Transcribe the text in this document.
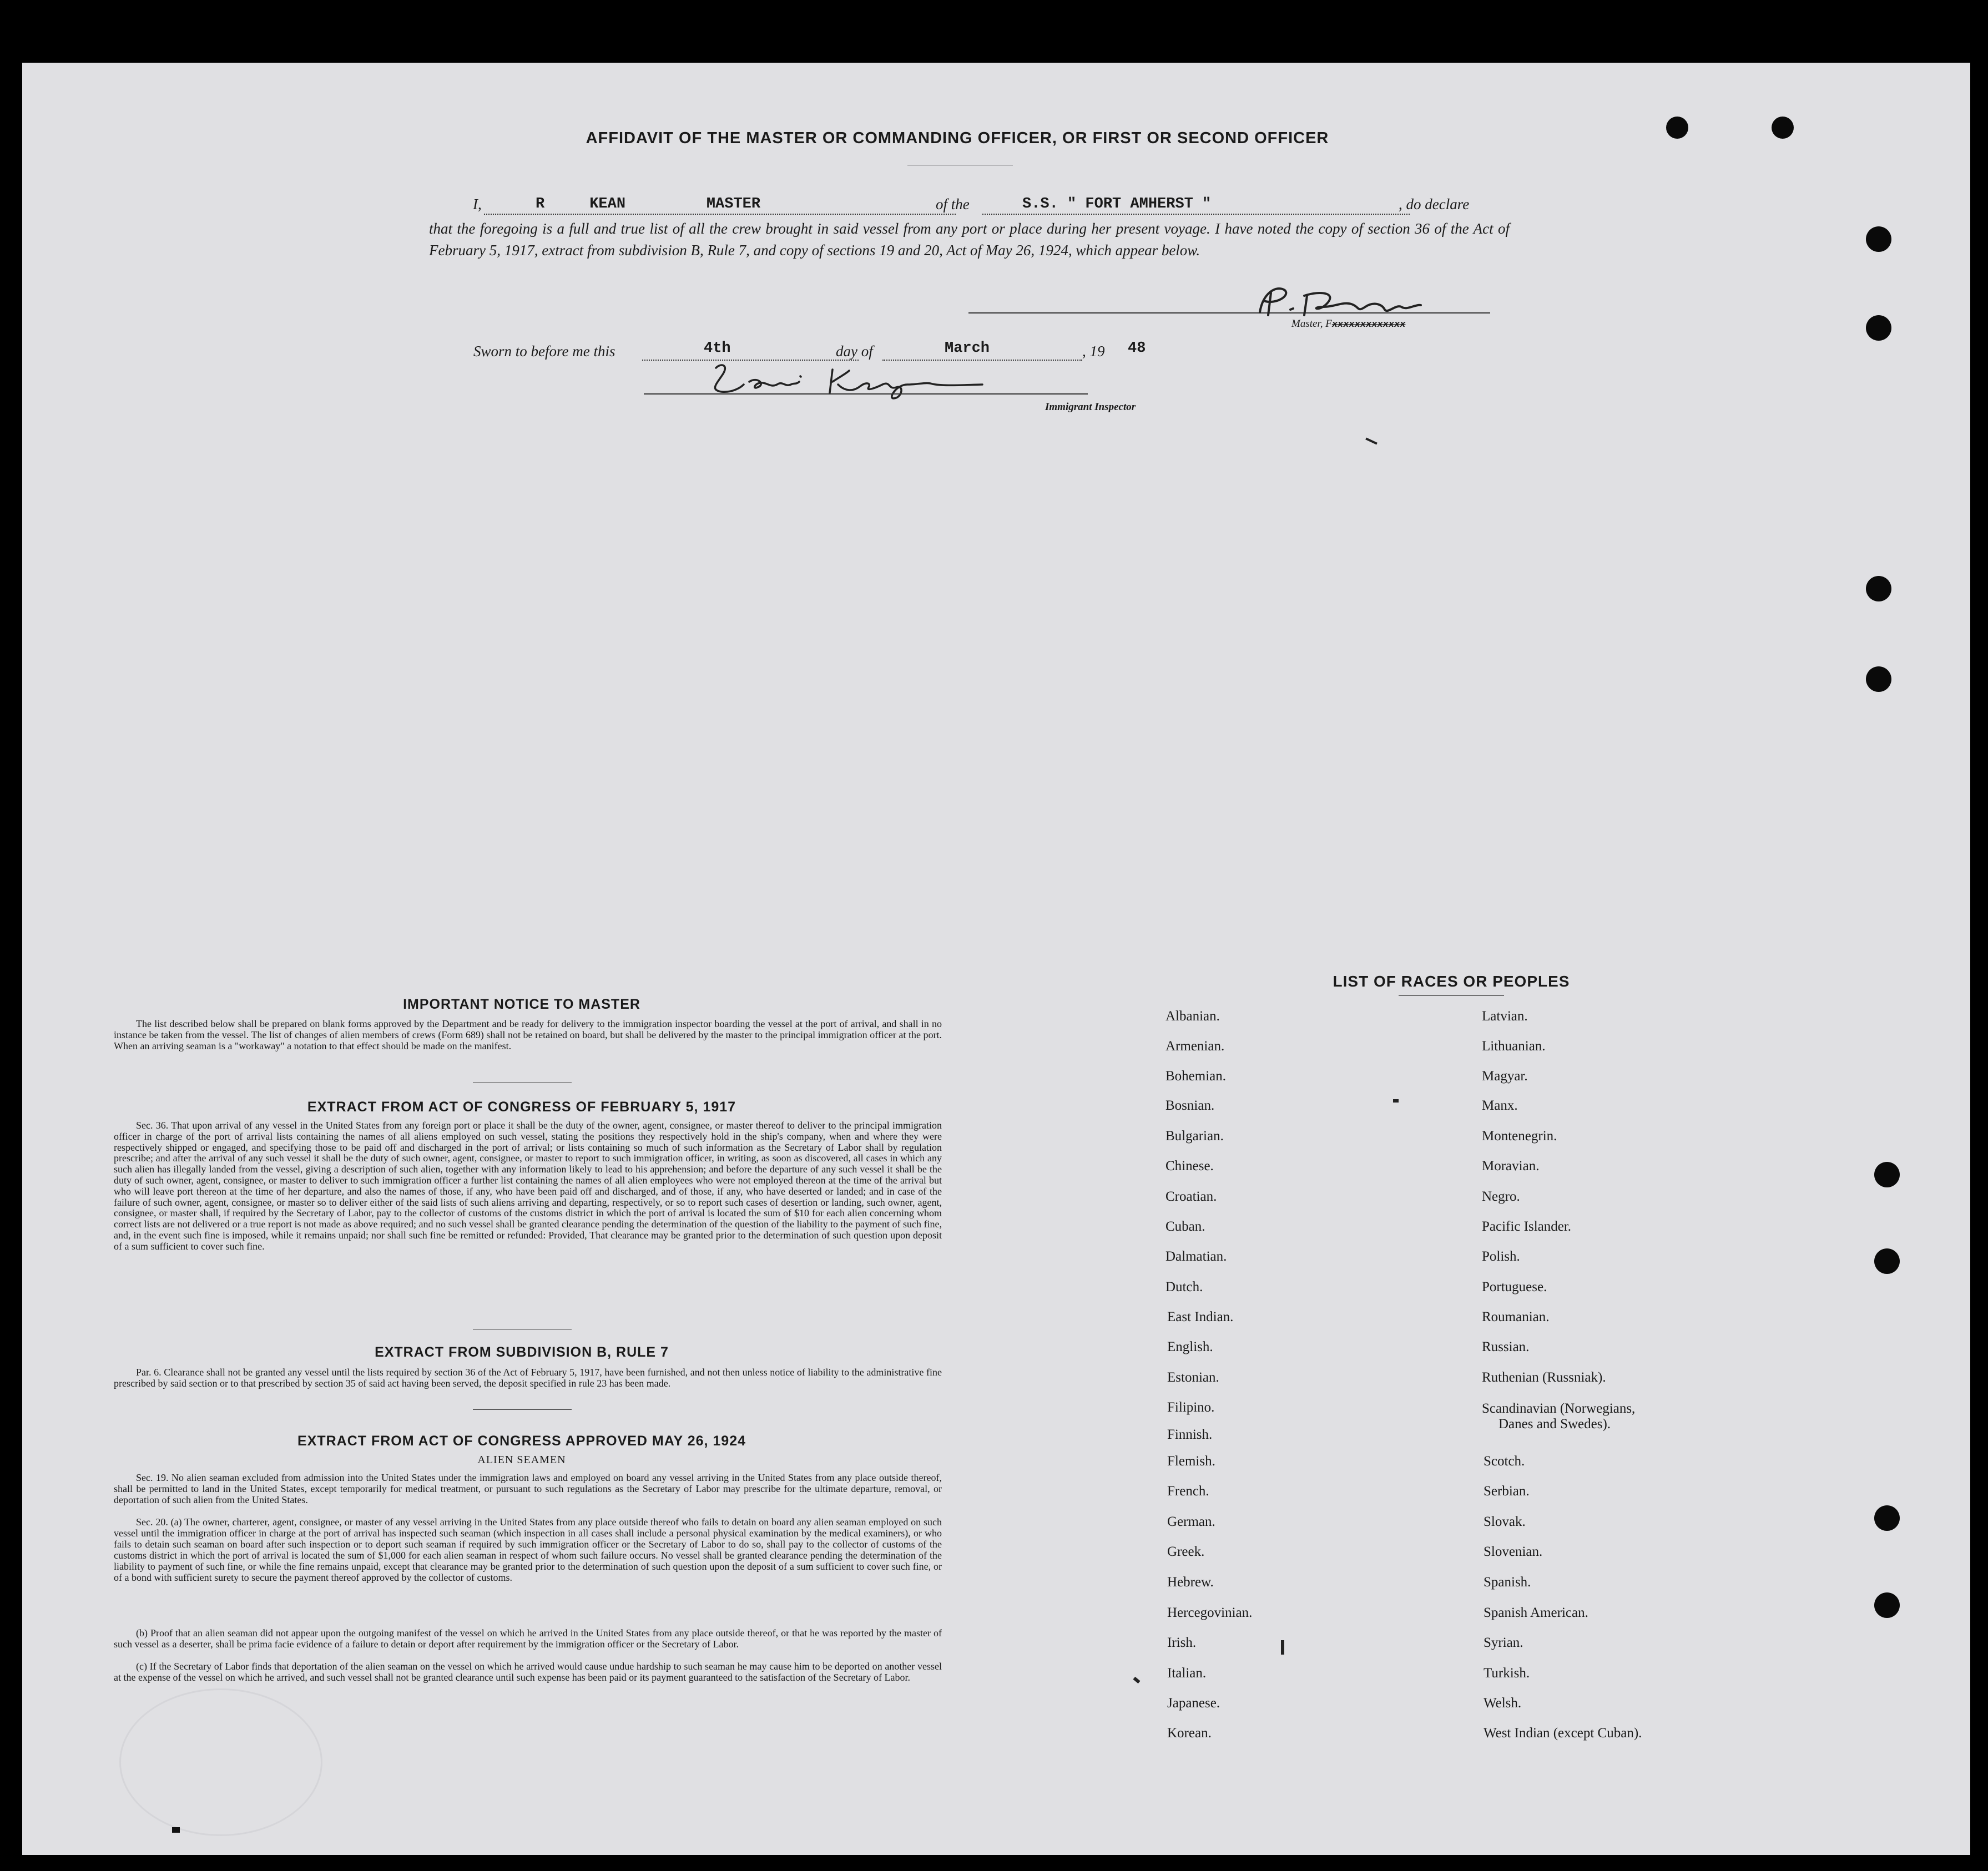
AFFIDAVIT OF THE MASTER OR COMMANDING OFFICER, OR FIRST OR SECOND OFFICER
I,	R     KEAN         MASTER	of the	S.S. " FORT AMHERST "	, do declare
that the foregoing is a full and true list of all the crew brought in said vessel from any port or place during her present voyage. I have noted the copy of section 36 of the Act of February 5, 1917, extract from subdivision B, Rule 7, and copy of sections 19 and 20, Act of May 26, 1924, which appear below.
Master, Fxxxxxxxxxxxxx
Sworn to before me this	4th	day of	March	, 19 48
Immigrant Inspector
IMPORTANT NOTICE TO MASTER
The list described below shall be prepared on blank forms approved by the Department and be ready for delivery to the immigration inspector boarding the vessel at the port of arrival, and shall in no instance be taken from the vessel. The list of changes of alien members of crews (Form 689) shall not be retained on board, but shall be delivered by the master to the principal immigration officer at the port. When an arriving seaman is a "workaway" a notation to that effect should be made on the manifest.
EXTRACT FROM ACT OF CONGRESS OF FEBRUARY 5, 1917
Sec. 36. That upon arrival of any vessel in the United States from any foreign port or place it shall be the duty of the owner, agent, consignee, or master thereof to deliver to the principal immigration officer in charge of the port of arrival lists containing the names of all aliens employed on such vessel, stating the positions they respectively hold in the ship's company, when and where they were respectively shipped or engaged, and specifying those to be paid off and discharged in the port of arrival; or lists containing so much of such information as the Secretary of Labor shall by regulation prescribe; and after the arrival of any such vessel it shall be the duty of such owner, agent, consignee, or master to report to such immigration officer, in writing, as soon as discovered, all cases in which any such alien has illegally landed from the vessel, giving a description of such alien, together with any information likely to lead to his apprehension; and before the departure of any such vessel it shall be the duty of such owner, agent, consignee, or master to deliver to such immigration officer a further list containing the names of all alien employees who were not employed thereon at the time of the arrival but who will leave port thereon at the time of her departure, and also the names of those, if any, who have been paid off and discharged, and of those, if any, who have deserted or landed; and in case of the failure of such owner, agent, consignee, or master so to deliver either of the said lists of such aliens arriving and departing, respectively, or so to report such cases of desertion or landing, such owner, agent, consignee, or master shall, if required by the Secretary of Labor, pay to the collector of customs of the customs district in which the port of arrival is located the sum of $10 for each alien concerning whom correct lists are not delivered or a true report is not made as above required; and no such vessel shall be granted clearance pending the determination of the question of the liability to the payment of such fine, and, in the event such fine is imposed, while it remains unpaid; nor shall such fine be remitted or refunded: Provided, That clearance may be granted prior to the determination of such question upon deposit of a sum sufficient to cover such fine.
EXTRACT FROM SUBDIVISION B, RULE 7
Par. 6. Clearance shall not be granted any vessel until the lists required by section 36 of the Act of February 5, 1917, have been furnished, and not then unless notice of liability to the administrative fine prescribed by said section or to that prescribed by section 35 of said act having been served, the deposit specified in rule 23 has been made.
EXTRACT FROM ACT OF CONGRESS APPROVED MAY 26, 1924
ALIEN SEAMEN
Sec. 19. No alien seaman excluded from admission into the United States under the immigration laws and employed on board any vessel arriving in the United States from any place outside thereof, shall be permitted to land in the United States, except temporarily for medical treatment, or pursuant to such regulations as the Secretary of Labor may prescribe for the ultimate departure, removal, or deportation of such alien from the United States.
Sec. 20. (a) The owner, charterer, agent, consignee, or master of any vessel arriving in the United States from any place outside thereof who fails to detain on board any alien seaman employed on such vessel until the immigration officer in charge at the port of arrival has inspected such seaman (which inspection in all cases shall include a personal physical examination by the medical examiners), or who fails to detain such seaman on board after such inspection or to deport such seaman if required by such immigration officer or the Secretary of Labor to do so, shall pay to the collector of customs of the customs district in which the port of arrival is located the sum of $1,000 for each alien seaman in respect of whom such failure occurs. No vessel shall be granted clearance pending the determination of the liability to payment of such fine, or while the fine remains unpaid, except that clearance may be granted prior to the determination of such question upon the deposit of a sum sufficient to cover such fine, or of a bond with sufficient surety to secure the payment thereof approved by the collector of customs.
(b) Proof that an alien seaman did not appear upon the outgoing manifest of the vessel on which he arrived in the United States from any place outside thereof, or that he was reported by the master of such vessel as a deserter, shall be prima facie evidence of a failure to detain or deport after requirement by the immigration officer or the Secretary of Labor.
(c) If the Secretary of Labor finds that deportation of the alien seaman on the vessel on which he arrived would cause undue hardship to such seaman he may cause him to be deported on another vessel at the expense of the vessel on which he arrived, and such vessel shall not be granted clearance until such expense has been paid or its payment guaranteed to the satisfaction of the Secretary of Labor.
LIST OF RACES OR PEOPLES
Albanian.
Armenian.
Bohemian.
Bosnian.
Bulgarian.
Chinese.
Croatian.
Cuban.
Dalmatian.
Dutch.
East Indian.
English.
Estonian.
Filipino.
Finnish.
Flemish.
French.
German.
Greek.
Hebrew.
Hercegovinian.
Irish.
Italian.
Japanese.
Korean.
Latvian.
Lithuanian.
Magyar.
Manx.
Montenegrin.
Moravian.
Negro.
Pacific Islander.
Polish.
Portuguese.
Roumanian.
Russian.
Ruthenian (Russniak).
Scandinavian (Norwegians,
Danes and Swedes).
Scotch.
Serbian.
Slovak.
Slovenian.
Spanish.
Spanish American.
Syrian.
Turkish.
Welsh.
West Indian (except Cuban).
